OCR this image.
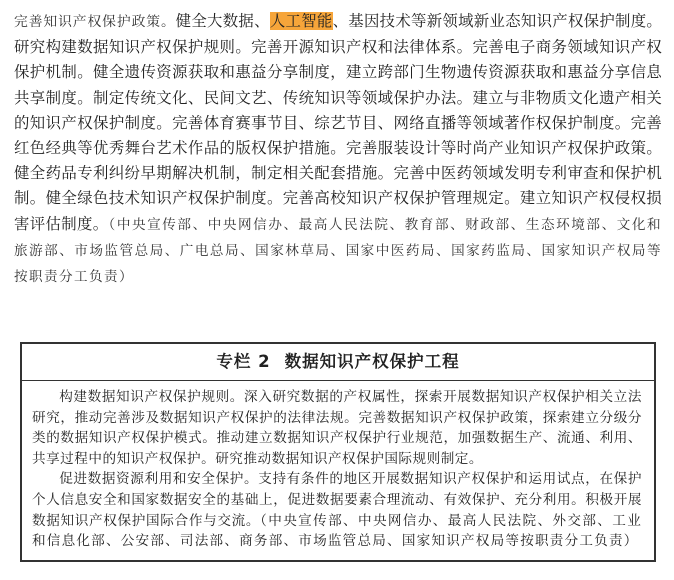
完善知识产权保护政策。健全大数据、人工智能、基因技术等新领域新业态知识产权保护制度。研究构建数据知识产权保护规则。完善开源知识产权和法律体系。完善电子商务领域知识产权保护机制。健全遗传资源获取和惠益分享制度，建立跨部门生物遗传资源获取和惠益分享信息共享制度。制定传统文化、民间文艺、传统知识等领域保护办法。建立与非物质文化遗产相关的知识产权保护制度。完善体育赛事节目、综艺节目、网络直播等领域著作权保护制度。完善红色经典等优秀舞台艺术作品的版权保护措施。完善服装设计等时尚产业知识产权保护政策。健全药品专利纠纷早期解决机制，制定相关配套措施。完善中医药领域发明专利审查和保护机制。健全绿色技术知识产权保护制度。完善高校知识产权保护管理规定。建立知识产权侵权损害评估制度。（中央宣传部、中央网信办、最高人民法院、教育部、财政部、生态环境部、文化和旅游部、市场监管总局、广电总局、国家林草局、国家中医药局、国家药监局、国家知识产权局等按职责分工负责）
专栏 2 数据知识产权保护工程

构建数据知识产权保护规则。深入研究数据的产权属性，探索开展数据知识产权保护相关立法研究，推动完善涉及数据知识产权保护的法律法规。完善数据知识产权保护政策，探索建立分级分类的数据知识产权保护模式。推动建立数据知识产权保护行业规范，加强数据生产、流通、利用、共享过程中的知识产权保护。研究推动数据知识产权保护国际规则制定。

促进数据资源利用和安全保护。支持有条件的地区开展数据知识产权保护和运用试点，在保护个人信息安全和国家数据安全的基础上，促进数据要素合理流动、有效保护、充分利用。积极开展数据知识产权保护国际合作与交流。（中央宣传部、中央网信办、最高人民法院、外交部、工业和信息化部、公安部、司法部、商务部、市场监管总局、国家知识产权局等按职责分工负责）
